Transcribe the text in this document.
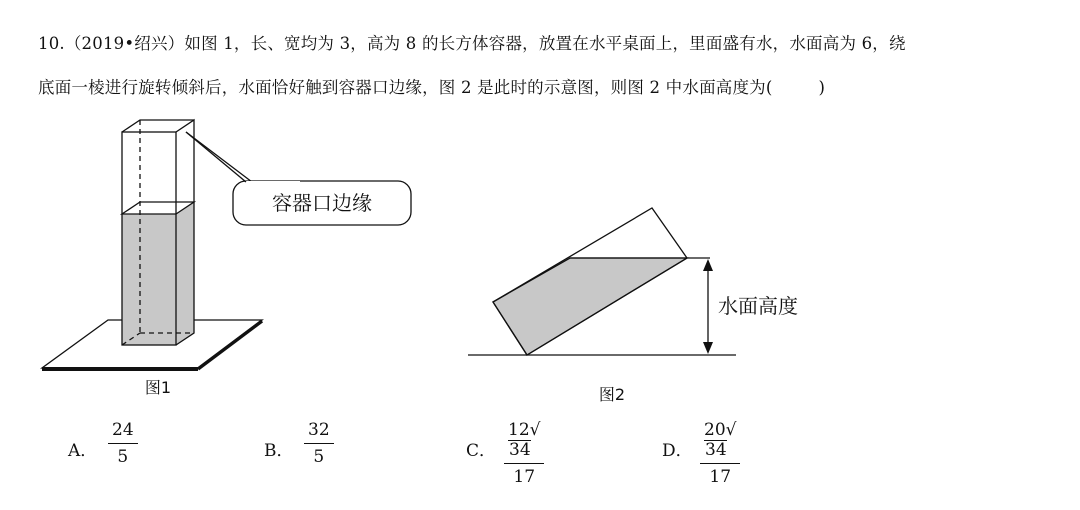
10.（2019•绍兴）如图 1，长、宽均为 3，高为 8 的长方体容器，放置在水平桌面上，里面盛有水，水面高为 6，绕
底面一棱进行旋转倾斜后，水面恰好触到容器口边缘，图 2 是此时的示意图，则图 2 中水面高度为(	)
容器口边缘
图1
水面高度
图2
A． $\frac{24}{5}$	B． $\frac{32}{5}$	C． $\frac{12√34}{17}$	D． $\frac{20√34}{17}$
